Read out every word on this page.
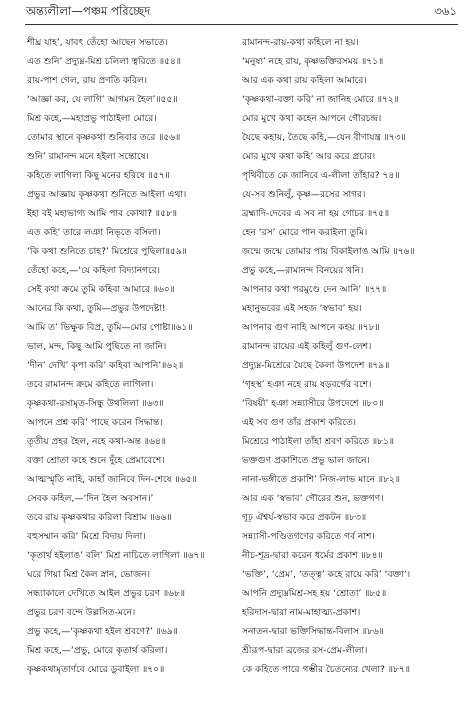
অন্ত্যলীলা—পঞ্চম পরিচ্ছেদ	৩৬১
শীঘ্র যাহ’, যাবৎ তেঁহো আছেন সভাতে।
এত শুনি’ প্রদ্যুম্ন-মিশ্র চলিলা ত্বরিতে ॥৫৪॥
রায়-পাশ গেল, রায় প্রণতি করিল।
‘আজ্ঞা কর, যে লাগি’ আগমন হৈল’॥৫৫॥
মিশ্র কহে,—মহাপ্রভু পাঠাইলা মোরে।
তোমার স্থানে কৃষ্ণকথা শুনিবার তরে ॥৫৬॥
শুনি’ রামানন্দ মনে হইলা সন্তোষে।
কহিতে লাগিলা কিছু মনের হরিষে ॥৫৭॥
প্রভুর আজ্ঞায় কৃষ্ণকথা শুনিতে আইলা এথা।
ইহা বই মহাভাগ্য আমি পাব কোথা? ॥৫৮॥
এত কহি’ তারে লঞা নিভৃতে বসিলা।
‘কি কথা শুনিতে চাহ?’ মিশ্রেরে পুছিলা॥৫৯॥
তেঁহো কহে,—‘যে কহিলা বিদ্যানগরে।
সেই কথা ক্রমে তুমি কহিবা আমারে ॥৬০॥
আনের কি কথা, তুমি—প্রভুর উপদেষ্টা!
আমি ত’ ভিক্ষুক বিপ্র, তুমি—মোর পোষ্টা॥৬১॥
ভাল, মন্দ, কিছু আমি পুছিতে না জানি।
‘দীন’ দেখি’ কৃপা করি’ কহিবা আপনি’॥৬২॥
তবে রামানন্দ ক্রমে কহিতে লাগিলা।
কৃষ্ণকথা-রসামৃত-সিন্ধু উথলিলা ॥৬৩॥
আপনে প্রশ্ন করি’ পাছে করেন সিদ্ধান্ত।
তৃতীয় প্রহর হৈল, নহে কথা-অন্ত ॥৬৪॥
বক্তা শ্রোতা কহে শুনে দুঁহে প্রেমাবেশে।
আত্মস্মৃতি নাহি, কাহাঁ জানিবে দিন-শেষে ॥৬৫॥
সেবক কহিল,—‘দিন হৈল অবসান।’
তবে রায় কৃষ্ণকথার করিলা বিশ্রাম ॥৬৬॥
বহুসম্মান করি’ মিশ্রে বিদায় দিলা।
‘কৃতার্থ হইলাঙ’ বলি’ মিশ্র নাচিতে লাগিলা ॥৬৭॥
ঘরে গিয়া মিশ্র কৈল স্নান, ভোজন।
সন্ধ্যাকালে দেখিতে আইল প্রভুর চরণ ॥৬৮॥
প্রভুর চরণ বন্দে উল্লসিত-মনে।
প্রভু কহে,—‘কৃষ্ণকথা হইল শ্রবণে?’ ॥৬৯॥
মিশ্র কহে,—‘প্রভু, মোরে কৃতার্থ করিলা।
কৃষ্ণকথামৃতার্ণবে মোরে ডুবাইলা ॥৭০॥
রামানন্দ-রায়-কথা কহিলে না হয়।
‘মনুষ্য’ নহে রায়, কৃষ্ণভক্তিরসময় ॥৭১॥
আর এক কথা রায় কহিলা আমারে।
‘কৃষ্ণকথা-বক্তা করি’ না জানিহ মোরে ॥৭২॥
মোর মুখে কথা কহেন আপনে গৌরচন্দ্র।
যৈছে কহায়, তৈছে কহি,—যেন বীণাযন্ত্র ॥৭৩॥
মোর মুখে কথা কহি’ আর করে প্রচার।
পৃথিবীতে কে জানিবে এ-লীলা তাঁহার? ৭৪॥
যে-সব শুনিলুঁ, কৃষ্ণ—রসের সাগর।
ব্রহ্মাদি-দেবের এ সব না হয় গোচর ॥৭৫॥
হেন ‘রস’ মোরে পান করাইলা তুমি।
জন্মে জন্মে তোমার পায় বিকাইলাঙ আমি ॥৭৬॥
প্রভু কহে,—রামানন্দ বিনয়ের খনি।
আপনার কথা পরমুণ্ডে দেন আনি’ ॥৭৭॥
মহানুভবের এই সহজ ‘স্বভাব’ হয়।
আপনার গুণ নাহি আপনে কহয় ॥৭৮॥
রামানন্দ রায়ের এই কহিলুঁ গুণ-লেশ।
প্রদ্যুম্ন-মিশ্রেরে যৈছে কৈলা উপদেশ ॥৭৯॥
‘গৃহস্থ’ হঞা নহে রায় ষড়বর্গের বশে।
‘বিষয়ী’ হঞা সন্ন্যাসীরে উপদেশে ॥৮০॥
এই সব গুণ তাঁর প্রকাশ করিতে।
মিশ্রেরে পাঠাইলা তাঁহা শ্রবণ করিতে ॥৮১॥
ভক্তগুণ প্রকাশিতে প্রভু ভাল জানে।
নানা-ভঙ্গীতে প্রকাশি’ নিজ-লাভ মানে ॥৮২॥
আর এক ‘স্বভাব’ গৌরের শুন, ভক্তগণ।
গূঢ় ঐশ্বর্য-স্বভাব করে প্রকটন ॥৮৩॥
সন্ন্যাসী-পণ্ডিতগণের করিতে গর্ব নাশ।
নীচ-শূদ্র-দ্বারা করেন ধর্মের প্রকাশ ॥৮৪॥
‘ভক্তি’, ‘প্রেম’, ‘তত্ত্ব’ কহে রায়ে করি’ ‘বক্তা’।
আপনি প্রদ্যুম্নমিশ্র-সহ হয় ‘শ্রোতা’ ॥৮৫॥
হরিদাস-দ্বারা নাম-মাহাত্ম্য-প্রকাশ।
সনাতন-দ্বারা ভক্তিসিদ্ধান্ত-বিলাস ॥৮৬॥
শ্রীরূপ-দ্বারা ব্রজের রস-প্রেম-লীলা।
কে কহিতে পারে গম্ভীর চৈতন্যের খেলা? ॥৮৭॥
